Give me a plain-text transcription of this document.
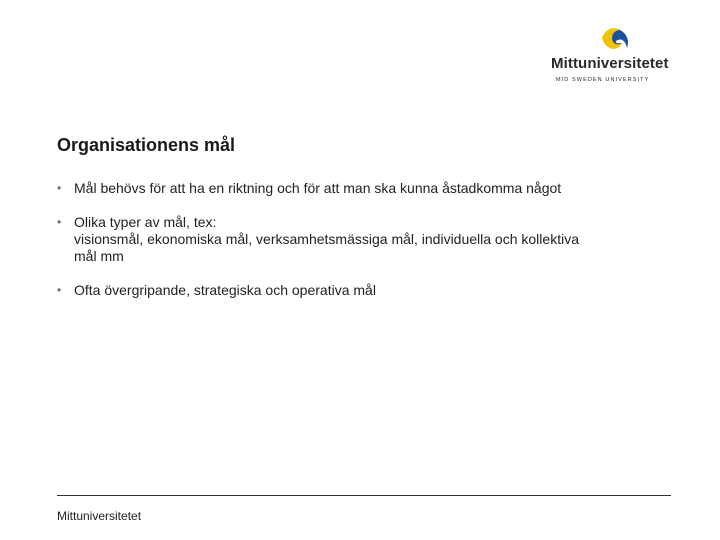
Mittuniversitetet
MID SWEDEN UNIVERSITY
Organisationens mål
• Mål behövs för att ha en riktning och för att man ska kunna åstadkomma något
• Olika typer av mål, tex:
visionsmål, ekonomiska mål, verksamhetsmässiga mål, individuella och kollektiva
mål mm
• Ofta övergripande, strategiska och operativa mål
Mittuniversitetet
